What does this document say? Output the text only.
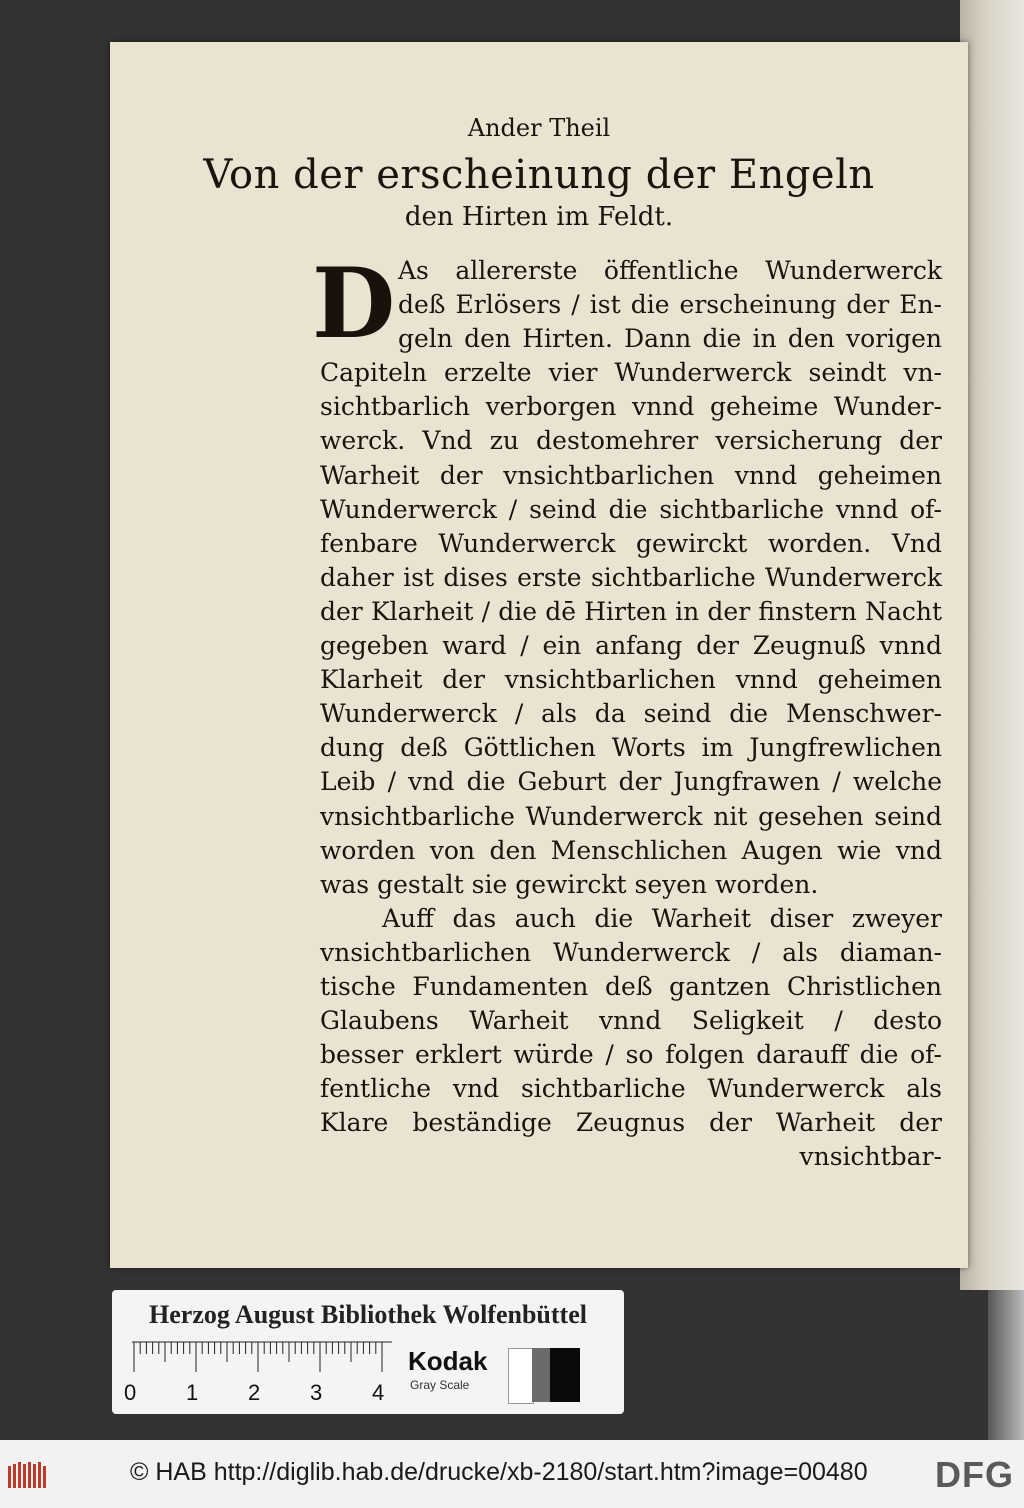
Ander Theil
Von der erscheinung der Engeln
den Hirten im Feldt.
D As allererste öffentliche Wunderwerck
deß Erlösers / ist die erscheinung der En-
geln den Hirten. Dann die in den vorigen
Capiteln erzelte vier Wunderwerck seindt vn-
sichtbarlich verborgen vnnd geheime Wunder-
werck. Vnd zu destomehrer versicherung der
Warheit der vnsichtbarlichen vnnd geheimen
Wunderwerck / seind die sichtbarliche vnnd of-
fenbare Wunderwerck gewirckt worden. Vnd
daher ist dises erste sichtbarliche Wunderwerck
der Klarheit / die dē Hirten in der finstern Nacht
gegeben ward / ein anfang der Zeugnuß vnnd
Klarheit der vnsichtbarlichen vnnd geheimen
Wunderwerck / als da seind die Menschwer-
dung deß Göttlichen Worts im Jungfrewlichen
Leib / vnd die Geburt der Jungfrawen / welche
vnsichtbarliche Wunderwerck nit gesehen seind
worden von den Menschlichen Augen wie vnd
was gestalt sie gewirckt seyen worden.
Auff das auch die Warheit diser zweyer
vnsichtbarlichen Wunderwerck / als diaman-
tische Fundamenten deß gantzen Christlichen
Glaubens Warheit vnnd Seligkeit / desto
besser erklert würde / so folgen darauff die of-
fentliche vnd sichtbarliche Wunderwerck als
Klare beständige Zeugnus der Warheit der
vnsichtbar-
Herzog August Bibliothek Wolfenbüttel
0 1 2 3 4
Kodak
Gray Scale
© HAB http://diglib.hab.de/drucke/xb-2180/start.htm?image=00480 DFG
